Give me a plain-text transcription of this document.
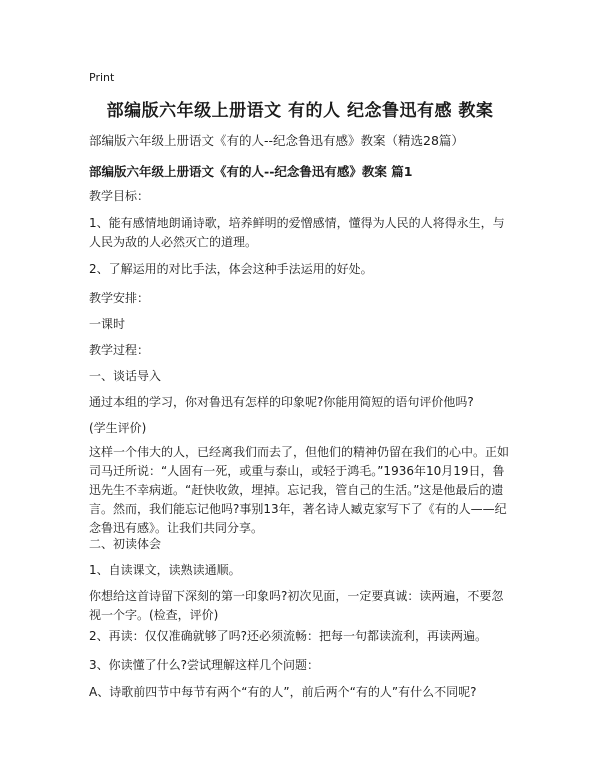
Print
部编版六年级上册语文 有的人 纪念鲁迅有感 教案
部编版六年级上册语文《有的人--纪念鲁迅有感》教案（精选28篇）
部编版六年级上册语文《有的人--纪念鲁迅有感》教案 篇1
教学目标：
1、能有感情地朗诵诗歌，培养鲜明的爱憎感情，懂得为人民的人将得永生，与人民为敌的人必然灭亡的道理。
2、了解运用的对比手法，体会这种手法运用的好处。
教学安排：
一课时
教学过程：
一、谈话导入
通过本组的学习，你对鲁迅有怎样的印象呢?你能用简短的语句评价他吗?
(学生评价)
这样一个伟大的人，已经离我们而去了，但他们的精神仍留在我们的心中。正如司马迁所说：“人固有一死，或重与泰山，或轻于鸿毛。”1936年10月19日，鲁迅先生不幸病逝。“赶快收敛，埋掉。忘记我，管自己的生活。”这是他最后的遗言。然而，我们能忘记他吗?事别13年，著名诗人臧克家写下了《有的人——纪念鲁迅有感》。让我们共同分享。
二、初读体会
1、自读课文，读熟读通顺。
你想给这首诗留下深刻的第一印象吗?初次见面，一定要真诚：读两遍，不要忽视一个字。(检查，评价)
2、再读：仅仅准确就够了吗?还必须流畅：把每一句都读流利，再读两遍。
3、你读懂了什么?尝试理解这样几个问题：
A、诗歌前四节中每节有两个“有的人”，前后两个“有的人”有什么不同呢?
